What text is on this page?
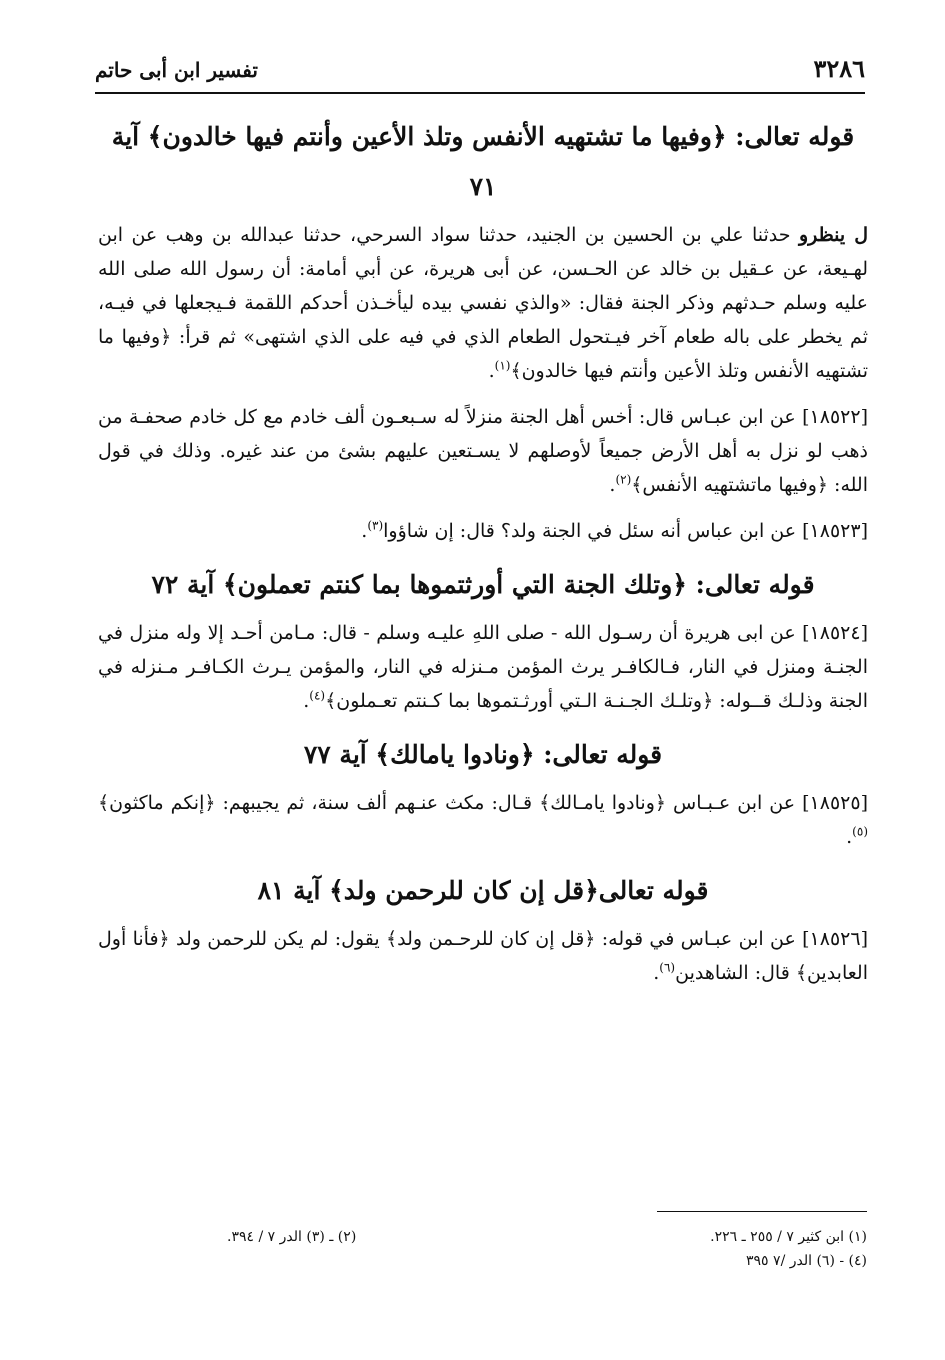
٣٢٨٦
تفسير ابن أبى حاتم
قوله تعالى: ﴿وفيها ما تشتهيه الأنفس وتلذ الأعين وأنتم فيها خالدون﴾ آية ٧١

ل ينظرو حدثنا علي بن الحسين بن الجنيد، حدثنا سواد السرحي، حدثنا عبدالله بن وهب عن ابن لهـيعة، عن عـقيل بن خالد عن الحـسن، عن أبى هريرة، عن أبي أمامة: أن رسول الله صلى الله عليه وسلم حـدثهم وذكر الجنة فقال: «والذي نفسي بيده ليأخـذن أحدكم اللقمة فـيجعلها في فيـه، ثم يخطر على باله طعام آخر فيـتحول الطعام الذي في فيه على الذي اشتهى» ثم قرأ: ﴿وفيها ما تشتهيه الأنفس وتلذ الأعين وأنتم فيها خالدون﴾$^{(١)}$.

[١٨٥٢٢] عن ابن عبـاس قال: أخس أهل الجنة منزلاً له سـبعـون ألف خادم مع كل خادم صحفـة من ذهب لو نزل به أهل الأرض جميعاً لأوصلهم لا يسـتعين عليهم بشئ من عند غيره. وذلك في قول الله: ﴿وفيها ماتشتهيه الأنفس﴾$^{(٢)}$.

[١٨٥٢٣] عن ابن عباس أنه سئل في الجنة ولد؟ قال: إن شاؤوا$^{(٣)}$.

قوله تعالى: ﴿وتلك الجنة التي أورثتموها بما كنتم تعملون﴾ آية ٧٢

[١٨٥٢٤] عن ابى هريرة أن رسـول الله - صلى اللهِ عليـه وسلم - قال: مـامن أحـد إلا وله منزل في الجنـة ومنزل في النار، فـالكافـر يرث المؤمن مـنزله في النار، والمؤمن يـرث الكـافـر مـنزله في الجنة وذلـك قــوله: ﴿وتلـك الجـنـة الـتي أورثـتموها بما كـنتم تعـملون﴾$^{(٤)}$.

قوله تعالى: ﴿ونادوا يامالك﴾ آية ٧٧

[١٨٥٢٥] عن ابن عـبـاس ﴿ونادوا يامـالك﴾ قـال: مكث عنـهم ألف سنة، ثم يجيبهم: ﴿إنكم ماكثون﴾$^{(٥)}$.

قوله تعالى﴿قل إن كان للرحمن ولد﴾ آية ٨١

[١٨٥٢٦] عن ابن عبـاس في قوله: ﴿قل إن كان للرحـمن ولد﴾ يقول: لم يكن للرحمن ولد ﴿فأنا أول العابدين﴾ قال: الشاهدين$^{(٦)}$.

(١) ابن كثير ٧ / ٢٥٥ ـ ٢٢٦.
(٢) ـ (٣) الدر ٧ / ٣٩٤.
(٤) - (٦) الدر /٧ ٣٩٥
